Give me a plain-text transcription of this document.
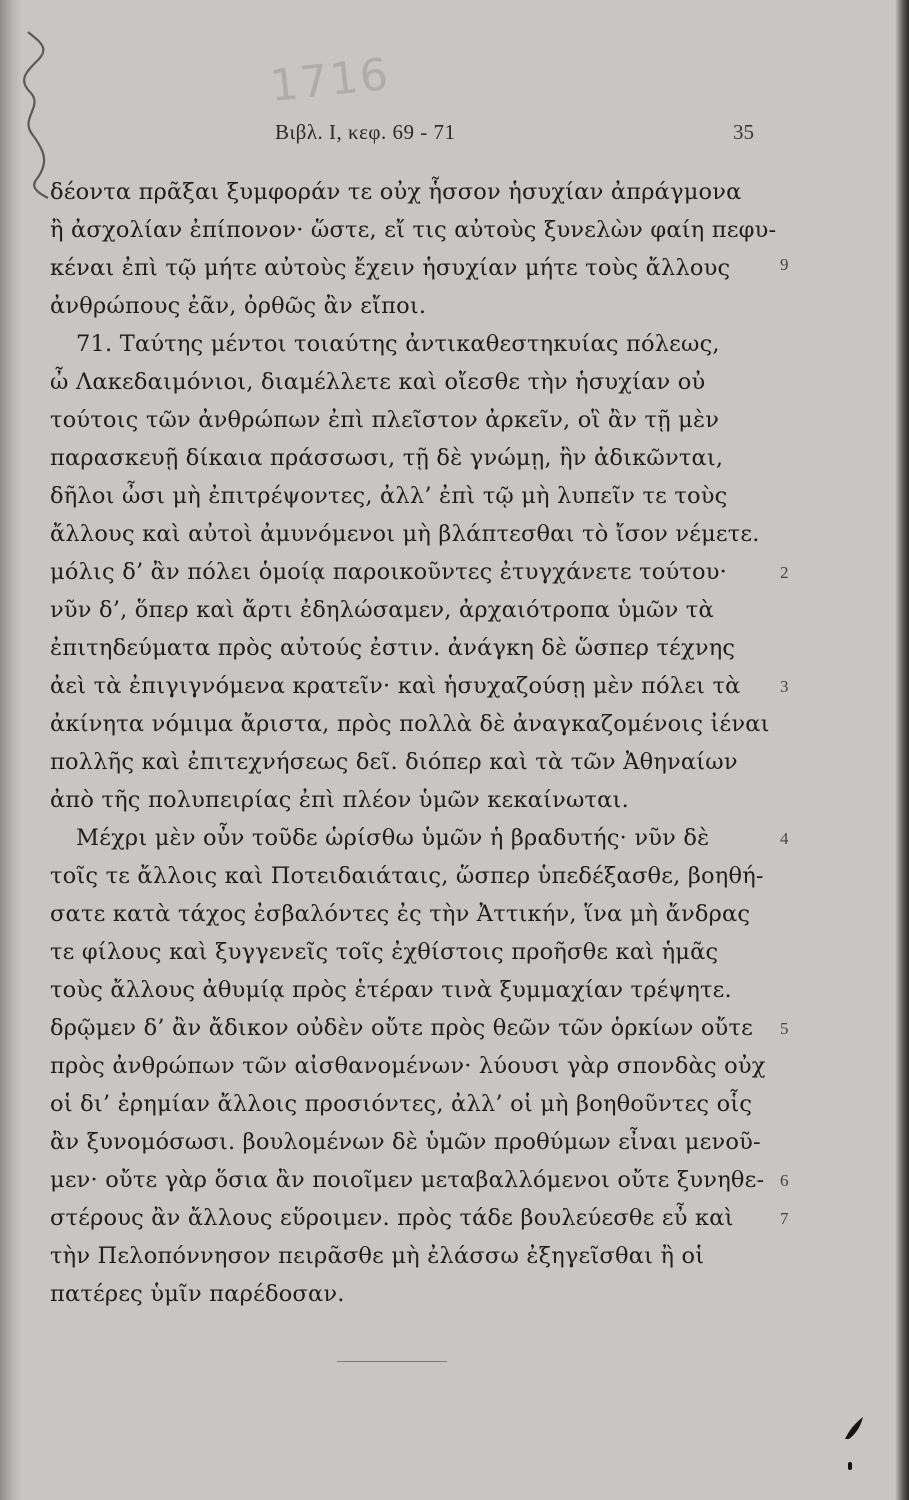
1716
Βιβλ. Ι, κεφ. 69 - 71	35
δέοντα πρᾶξαι ξυμφοράν τε οὐχ ἧσσον ἡσυχίαν ἀπράγμονα
ἢ ἀσχολίαν ἐπίπονον· ὥστε, εἴ τις αὐτοὺς ξυνελὼν φαίη πεφυ-
κέναι ἐπὶ τῷ μήτε αὐτοὺς ἔχειν ἡσυχίαν μήτε τοὺς ἄλλους
ἀνθρώπους ἐᾶν, ὀρθῶς ἂν εἴποι.
71. Ταύτης μέντοι τοιαύτης ἀντικαθεστηκυίας πόλεως,
ὦ Λακεδαιμόνιοι, διαμέλλετε καὶ οἴεσθε τὴν ἡσυχίαν οὐ
τούτοις τῶν ἀνθρώπων ἐπὶ πλεῖστον ἀρκεῖν, οἳ ἂν τῇ μὲν
παρασκευῇ δίκαια πράσσωσι, τῇ δὲ γνώμῃ, ἢν ἀδικῶνται,
δῆλοι ὦσι μὴ ἐπιτρέψοντες, ἀλλ’ ἐπὶ τῷ μὴ λυπεῖν τε τοὺς
ἄλλους καὶ αὐτοὶ ἀμυνόμενοι μὴ βλάπτεσθαι τὸ ἴσον νέμετε.
μόλις δ’ ἂν πόλει ὁμοίᾳ παροικοῦντες ἐτυγχάνετε τούτου·
νῦν δ’, ὅπερ καὶ ἄρτι ἐδηλώσαμεν, ἀρχαιότροπα ὑμῶν τὰ
ἐπιτηδεύματα πρὸς αὐτούς ἐστιν. ἀνάγκη δὲ ὥσπερ τέχνης
ἀεὶ τὰ ἐπιγιγνόμενα κρατεῖν· καὶ ἡσυχαζούσῃ μὲν πόλει τὰ
ἀκίνητα νόμιμα ἄριστα, πρὸς πολλὰ δὲ ἀναγκαζομένοις ἰέναι
πολλῆς καὶ ἐπιτεχνήσεως δεῖ. διόπερ καὶ τὰ τῶν Ἀθηναίων
ἀπὸ τῆς πολυπειρίας ἐπὶ πλέον ὑμῶν κεκαίνωται.
Μέχρι μὲν οὖν τοῦδε ὡρίσθω ὑμῶν ἡ βραδυτής· νῦν δὲ
τοῖς τε ἄλλοις καὶ Ποτειδαιάταις, ὥσπερ ὑπεδέξασθε, βοηθή-
σατε κατὰ τάχος ἐσβαλόντες ἐς τὴν Ἀττικήν, ἵνα μὴ ἄνδρας
τε φίλους καὶ ξυγγενεῖς τοῖς ἐχθίστοις προῆσθε καὶ ἡμᾶς
τοὺς ἄλλους ἀθυμίᾳ πρὸς ἑτέραν τινὰ ξυμμαχίαν τρέψητε.
δρῷμεν δ’ ἂν ἄδικον οὐδὲν οὔτε πρὸς θεῶν τῶν ὁρκίων οὔτε
πρὸς ἀνθρώπων τῶν αἰσθανομένων· λύουσι γὰρ σπονδὰς οὐχ
οἱ δι’ ἐρημίαν ἄλλοις προσιόντες, ἀλλ’ οἱ μὴ βοηθοῦντες οἷς
ἂν ξυνομόσωσι. βουλομένων δὲ ὑμῶν προθύμων εἶναι μενοῦ-
μεν· οὔτε γὰρ ὅσια ἂν ποιοῖμεν μεταβαλλόμενοι οὔτε ξυνηθε-
στέρους ἂν ἄλλους εὕροιμεν. πρὸς τάδε βουλεύεσθε εὖ καὶ
τὴν Πελοπόννησον πειρᾶσθε μὴ ἐλάσσω ἐξηγεῖσθαι ἢ οἱ
πατέρες ὑμῖν παρέδοσαν.
9
2
3
4
5
6
7
